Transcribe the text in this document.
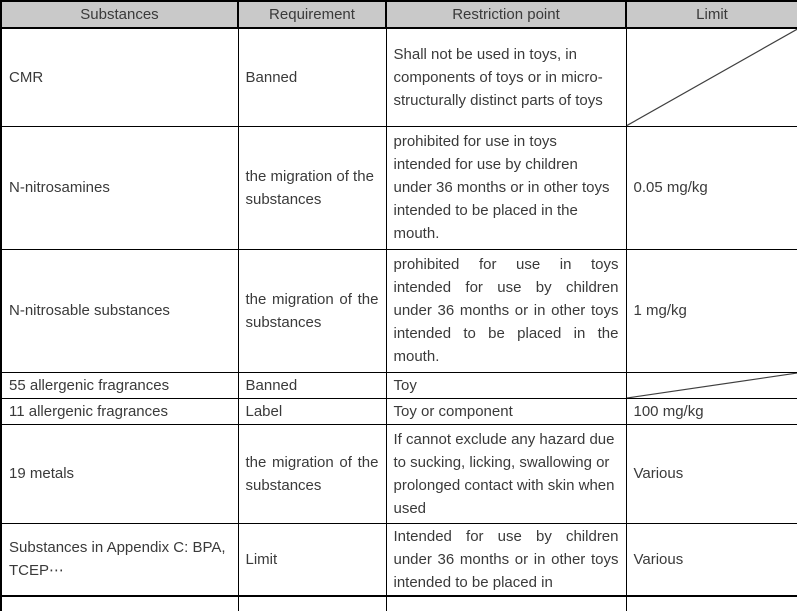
Substances	Requirement	Restriction point	Limit
CMR	Banned	Shall not be used in toys, in components of toys or in micro-structurally distinct parts of toys	

N-nitrosamines	the migration of the substances	prohibited for use in toys intended for use by children under 36 months or in other toys intended to be placed in the mouth.	0.05 mg/kg
N-nitrosable substances	the migration of the substances	prohibited for use in toys intended for use by children under 36 months or in other toys intended to be placed in the mouth.	1 mg/kg
55 allergenic fragrances	Banned	Toy	

11 allergenic fragrances	Label	Toy or component	100 mg/kg
19 metals	the migration of the substances	If cannot exclude any hazard due to sucking, licking, swallowing or prolonged contact with skin when used	Various
Substances in Appendix C: BPA, TCEP⋯	Limit	Intended for use by children under 36 months or in other toys intended to be placed in	Various
